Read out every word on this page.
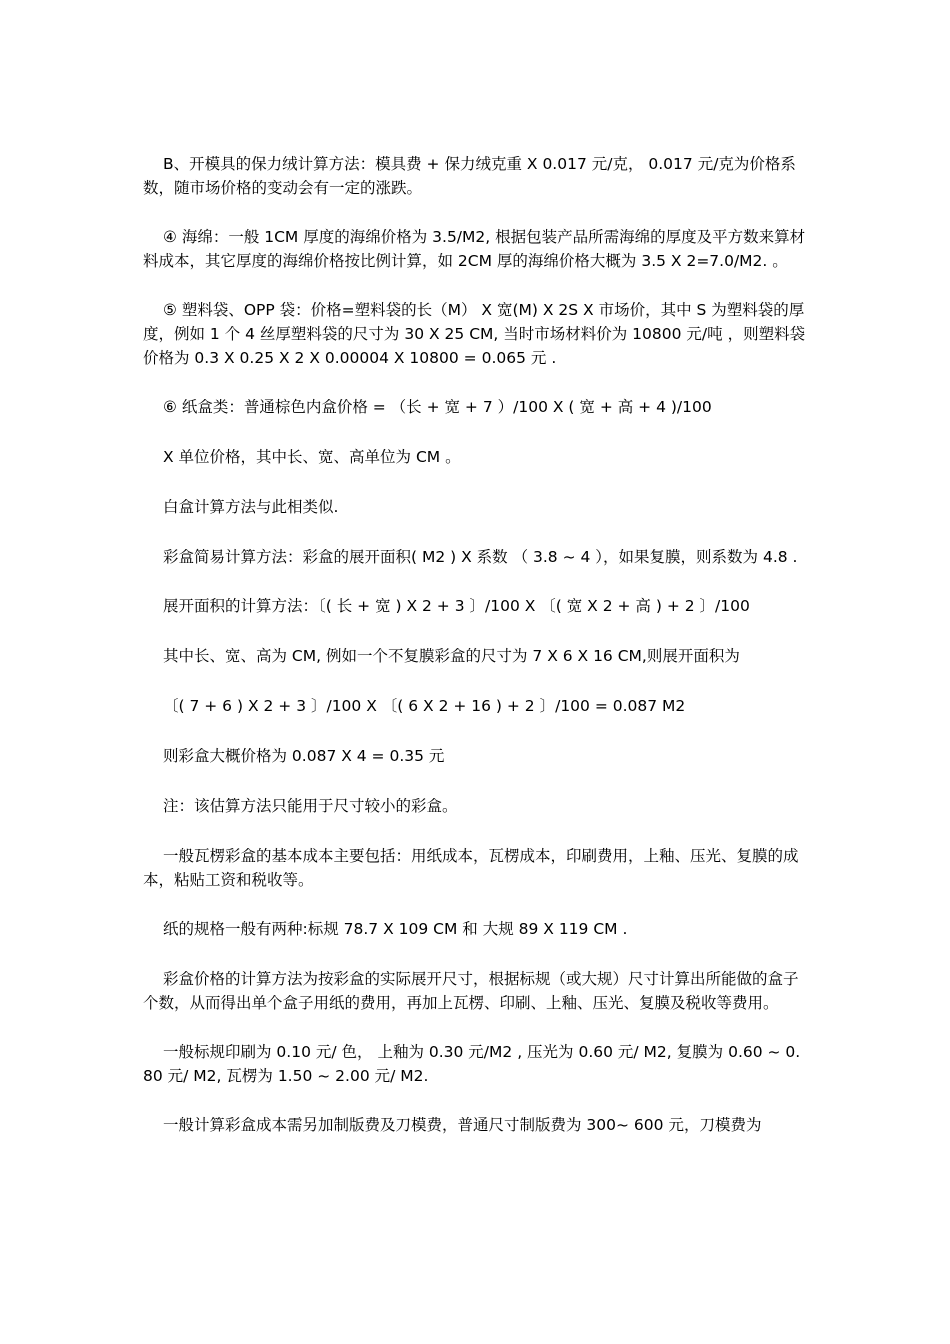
B、开模具的保力绒计算方法：模具费 + 保力绒克重 X 0.017 元/克， 0.017 元/克为价格系数，随市场价格的变动会有一定的涨跌。

④ 海绵：一般 1CM 厚度的海绵价格为 3.5/M2, 根据包装产品所需海绵的厚度及平方数来算材料成本，其它厚度的海绵价格按比例计算，如 2CM 厚的海绵价格大概为 3.5 X 2=7.0/M2. 。

⑤ 塑料袋、OPP 袋：价格=塑料袋的长（M） X 宽(M) X 2S X 市场价，其中 S 为塑料袋的厚度，例如 1 个 4 丝厚塑料袋的尺寸为 30 X 25 CM, 当时市场材料价为 10800 元/吨 ，则塑料袋价格为 0.3 X 0.25 X 2 X 0.00004 X 10800 = 0.065 元 .

⑥ 纸盒类：普通棕色内盒价格 = （长 + 宽 + 7 ）/100 X ( 宽 + 高 + 4 )/100

X 单位价格，其中长、宽、高单位为 CM 。

白盒计算方法与此相类似.

彩盒简易计算方法：彩盒的展开面积( M2 ) X 系数 （ 3.8 ~ 4 ），如果复膜，则系数为 4.8 .

展开面积的计算方法：〔( 长 + 宽 ) X 2 + 3 〕/100 X 〔( 宽 X 2 + 高 ) + 2 〕/100

其中长、宽、高为 CM, 例如一个不复膜彩盒的尺寸为 7 X 6 X 16 CM,则展开面积为

〔( 7 + 6 ) X 2 + 3 〕/100 X 〔( 6 X 2 + 16 ) + 2 〕/100 = 0.087 M2

则彩盒大概价格为 0.087 X 4 = 0.35 元

注：该估算方法只能用于尺寸较小的彩盒。

一般瓦楞彩盒的基本成本主要包括：用纸成本，瓦楞成本，印刷费用，上釉、压光、复膜的成本，粘贴工资和税收等。

纸的规格一般有两种:标规 78.7 X 109 CM 和 大规 89 X 119 CM .

彩盒价格的计算方法为按彩盒的实际展开尺寸，根据标规（或大规）尺寸计算出所能做的盒子个数，从而得出单个盒子用纸的费用，再加上瓦楞、印刷、上釉、压光、复膜及税收等费用。

一般标规印刷为 0.10 元/ 色， 上釉为 0.30 元/M2 , 压光为 0.60 元/ M2, 复膜为 0.60 ~ 0.80 元/ M2, 瓦楞为 1.50 ~ 2.00 元/ M2.

一般计算彩盒成本需另加制版费及刀模费，普通尺寸制版费为 300~ 600 元，刀模费为
